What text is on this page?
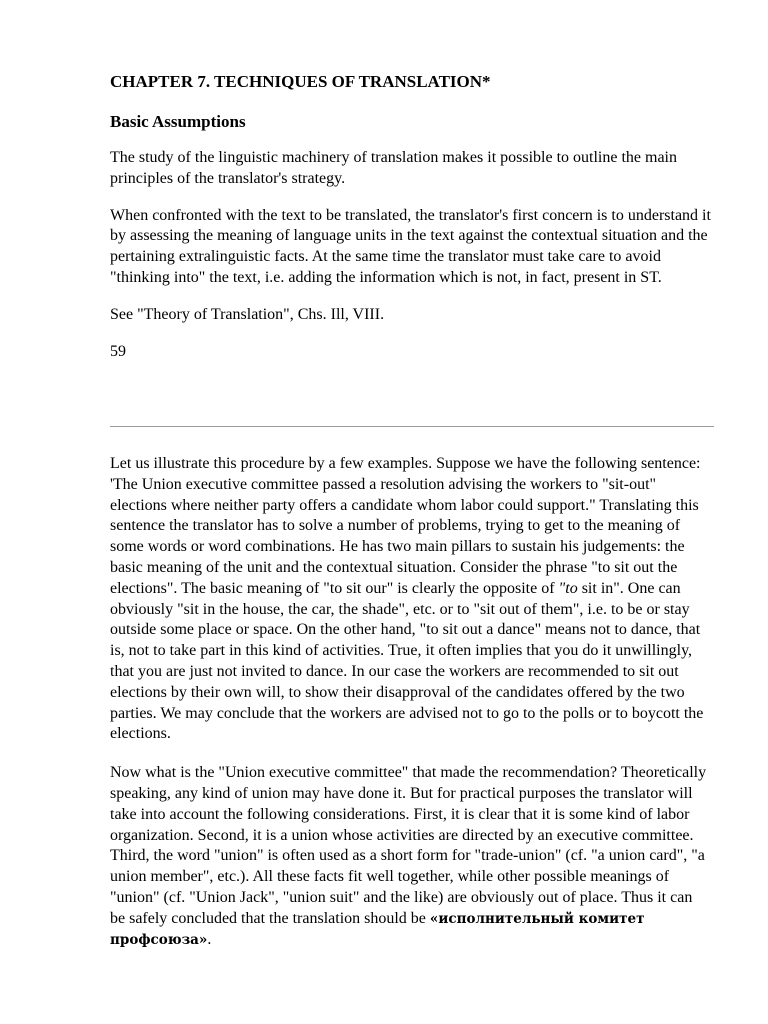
CHAPTER 7. TECHNIQUES OF TRANSLATION*
Basic Assumptions

The study of the linguistic machinery of translation makes it possible to outline the main principles of the translator's strategy.

When confronted with the text to be translated, the translator's first concern is to understand it by assessing the meaning of language units in the text against the contextual situation and the pertaining extralinguistic facts. At the same time the translator must take care to avoid "thinking into" the text, i.e. adding the information which is not, in fact, present in ST.

See "Theory of Translation", Chs. Ill, VIII.

59

Let us illustrate this procedure by a few examples. Suppose we have the following sentence: 'The Union executive committee passed a resolution advising the workers to "sit-out" elections where neither party offers a candidate whom labor could support." Translating this sentence the translator has to solve a number of problems, trying to get to the meaning of some words or word combinations. He has two main pillars to sustain his judgements: the basic meaning of the unit and the contextual situation. Consider the phrase "to sit out the elections". The basic meaning of "to sit our" is clearly the opposite of "to sit in". One can obviously "sit in the house, the car, the shade", etc. or to "sit out of them", i.e. to be or stay outside some place or space. On the other hand, "to sit out a dance" means not to dance, that is, not to take part in this kind of activities. True, it often implies that you do it unwillingly, that you are just not invited to dance. In our case the workers are recommended to sit out elections by their own will, to show their disapproval of the candidates offered by the two parties. We may conclude that the workers are advised not to go to the polls or to boycott the elections.

Now what is the "Union executive committee" that made the recommendation? Theoretically speaking, any kind of union may have done it. But for practical purposes the translator will take into account the following considerations. First, it is clear that it is some kind of labor organization. Second, it is a union whose activities are directed by an executive committee. Third, the word "union" is often used as a short form for "trade-union" (cf. "a union card", "a union member", etc.). All these facts fit well together, while other possible meanings of "union" (cf. "Union Jack", "union suit" and the like) are obviously out of place. Thus it can be safely concluded that the translation should be «исполнительный комитет профсоюза».
